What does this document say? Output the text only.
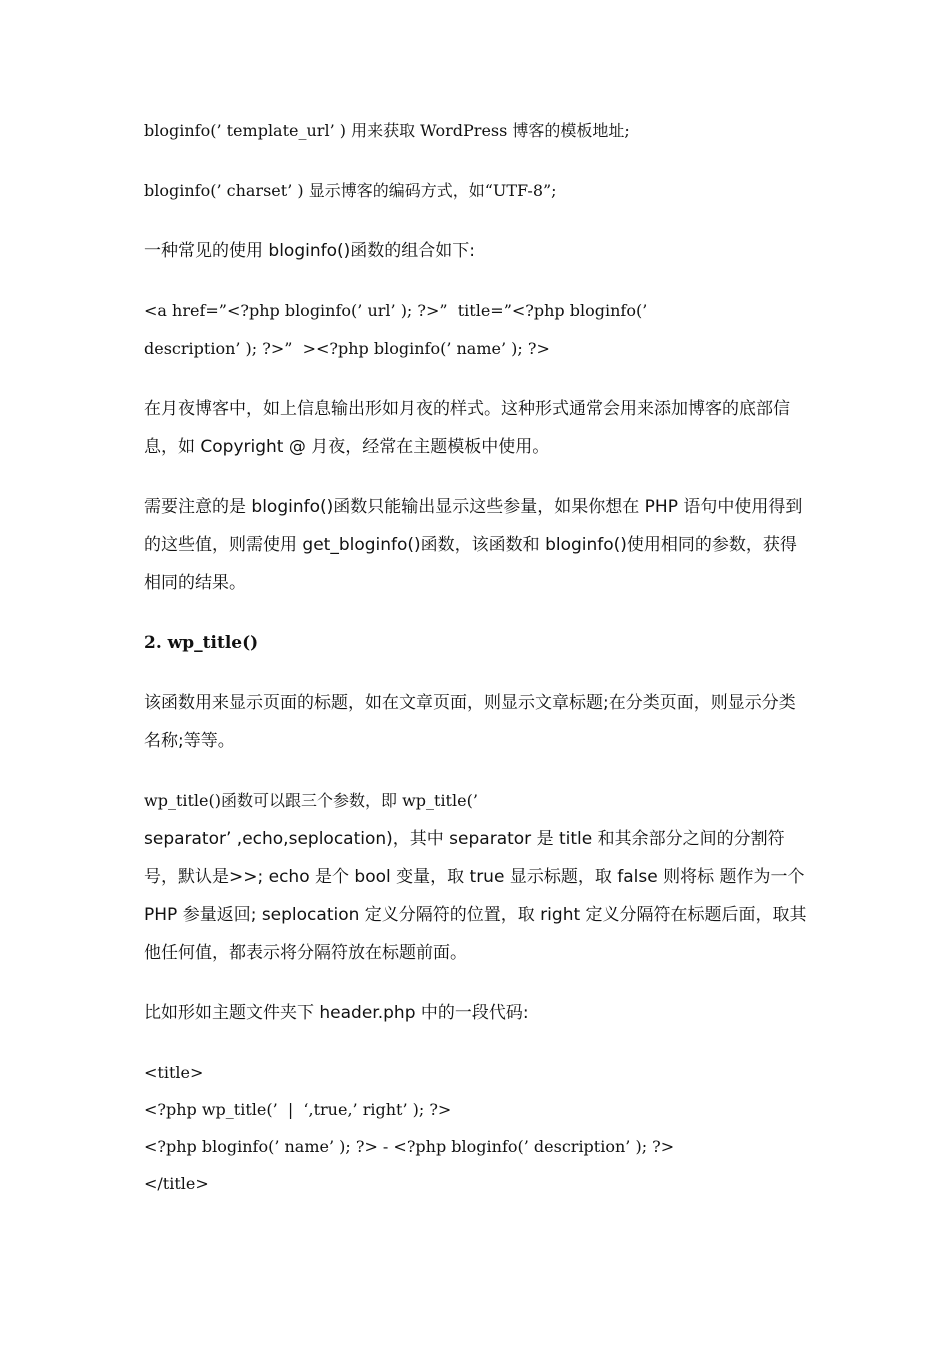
bloginfo(’ template_url’ ) 用来获取 WordPress 博客的模板地址;

bloginfo(’ charset’ ) 显示博客的编码方式，如“UTF-8”;

一种常见的使用 bloginfo()函数的组合如下:

<a href=”<?php bloginfo(’ url’ ); ?>”  title=”<?php bloginfo(’

description’ ); ?>”  ><?php bloginfo(’ name’ ); ?>

在月夜博客中，如上信息输出形如月夜的样式。这种形式通常会用来添加博客的底部信息，如 Copyright @ 月夜，经常在主题模板中使用。

需要注意的是 bloginfo()函数只能输出显示这些参量，如果你想在 PHP 语句中使用得到的这些值，则需使用 get_bloginfo()函数，该函数和 bloginfo()使用相同的参数，获得相同的结果。

2. wp_title()

该函数用来显示页面的标题，如在文章页面，则显示文章标题;在分类页面，则显示分类名称;等等。

wp_title()函数可以跟三个参数，即 wp_title(’

separator’ ,echo,seplocation)，其中 separator 是 title 和其余部分之间的分割符号，默认是>>; echo 是个 bool 变量，取 true 显示标题，取 false 则将标 题作为一个 PHP 参量返回; seplocation 定义分隔符的位置，取 right 定义分隔符在标题后面，取其他任何值，都表示将分隔符放在标题前面。

比如形如主题文件夹下 header.php 中的一段代码:

<title>

<?php wp_title(’  |  ‘,true,’ right’ ); ?>

<?php bloginfo(’ name’ ); ?> - <?php bloginfo(’ description’ ); ?>

</title>
